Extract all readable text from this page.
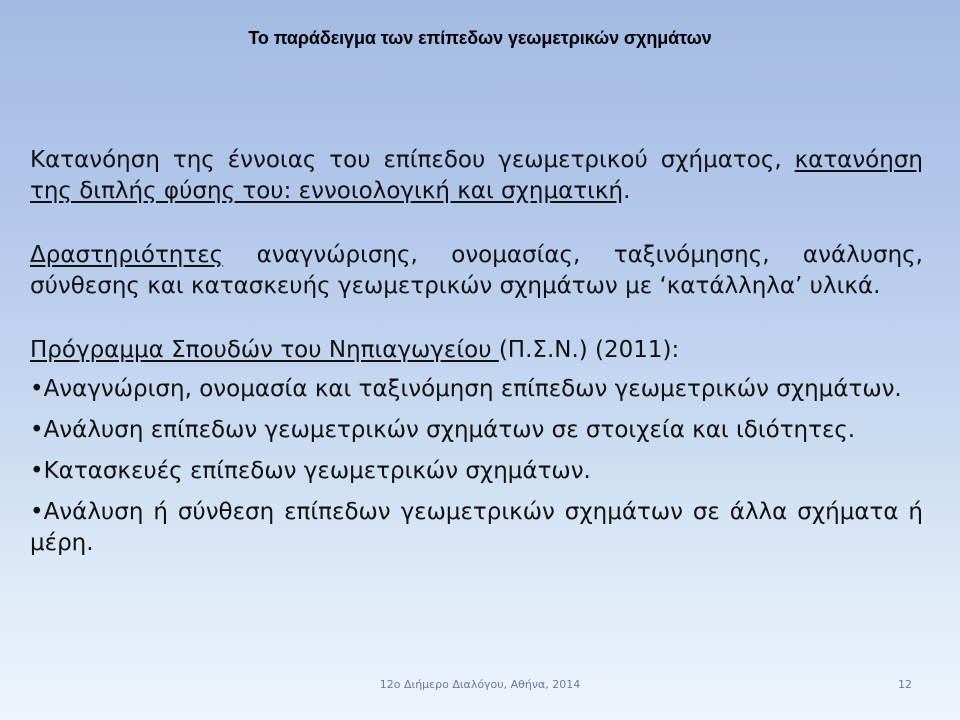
Το παράδειγμα των επίπεδων γεωμετρικών σχημάτων

Κατανόηση της έννοιας του επίπεδου γεωμετρικού σχήματος, κατανόηση της διπλής φύσης του: εννοιολογική και σχηματική.

Δραστηριότητες αναγνώρισης, ονομασίας, ταξινόμησης, ανάλυσης, σύνθεσης και κατασκευής γεωμετρικών σχημάτων με ‘κατάλληλα’ υλικά.

Πρόγραμμα Σπουδών του Νηπιαγωγείου (Π.Σ.Ν.) (2011):

•Αναγνώριση, ονομασία και ταξινόμηση επίπεδων γεωμετρικών σχημάτων.
•Ανάλυση επίπεδων γεωμετρικών σχημάτων σε στοιχεία και ιδιότητες.
•Κατασκευές επίπεδων γεωμετρικών σχημάτων.
•Ανάλυση ή σύνθεση επίπεδων γεωμετρικών σχημάτων σε άλλα σχήματα ή μέρη.
12ο Διήμερο Διαλόγου, Αθήνα, 2014	12
